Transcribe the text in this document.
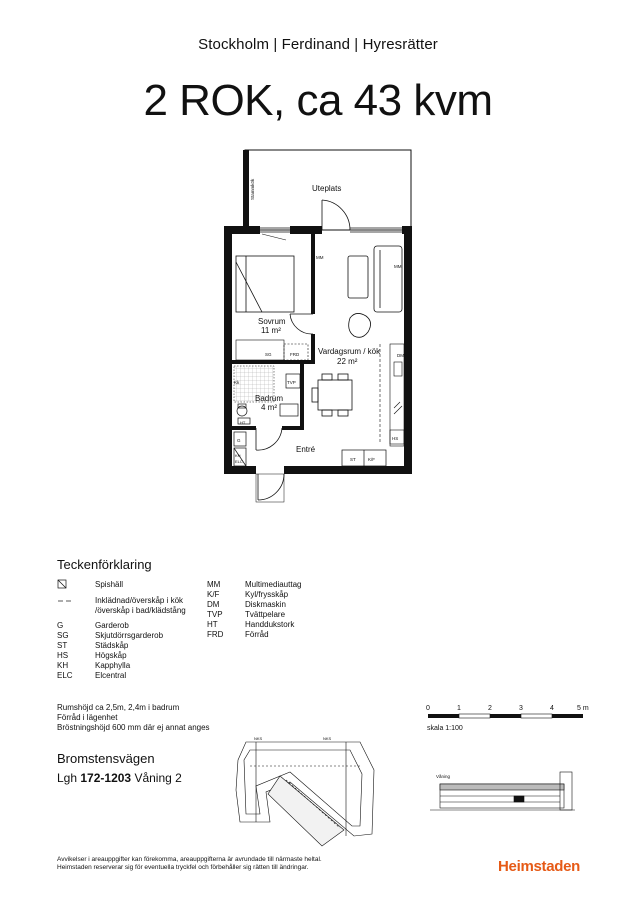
Stockholm | Ferdinand | Hyresrätter
2 ROK, ca 43 kvm
Stammkök	Uteplats
Sovrum
11 m²
SG	FRD
MM
MM
Vardagsrum / kök
22 m²
DM
HS
TVP
Kk
HT
Badrum
4 m²
G
KH
ELC	ST	K/F
Entré
0	1	2	3	4	5 m
NKS	NKS
Våning
Teckenförklaring
Spishäll
Inklädnad/överskåp i kök
/överskåp i bad/klädstång
G	Garderob
SG	Skjutdörrsgarderob
ST	Städskåp
HS	Högskåp
KH	Kapphylla
ELC	Elcentral
MM	Multimediauttag
K/F	Kyl/frysskåp
DM	Diskmaskin
TVP	Tvättpelare
HT	Handdukstork
FRD	Förråd
Rumshöjd ca 2,5m, 2,4m i badrum
Förråd i lägenhet
Bröstningshöjd 600 mm där ej annat anges	skala 1:100
Bromstensvägen
Lgh 172-1203 Våning 2
Avvikelser i areauppgifter kan förekomma, areauppgifterna är avrundade till närmaste heltal.
Heimstaden reserverar sig för eventuella tryckfel och förbehåller sig rätten till ändringar.	Heimstaden
